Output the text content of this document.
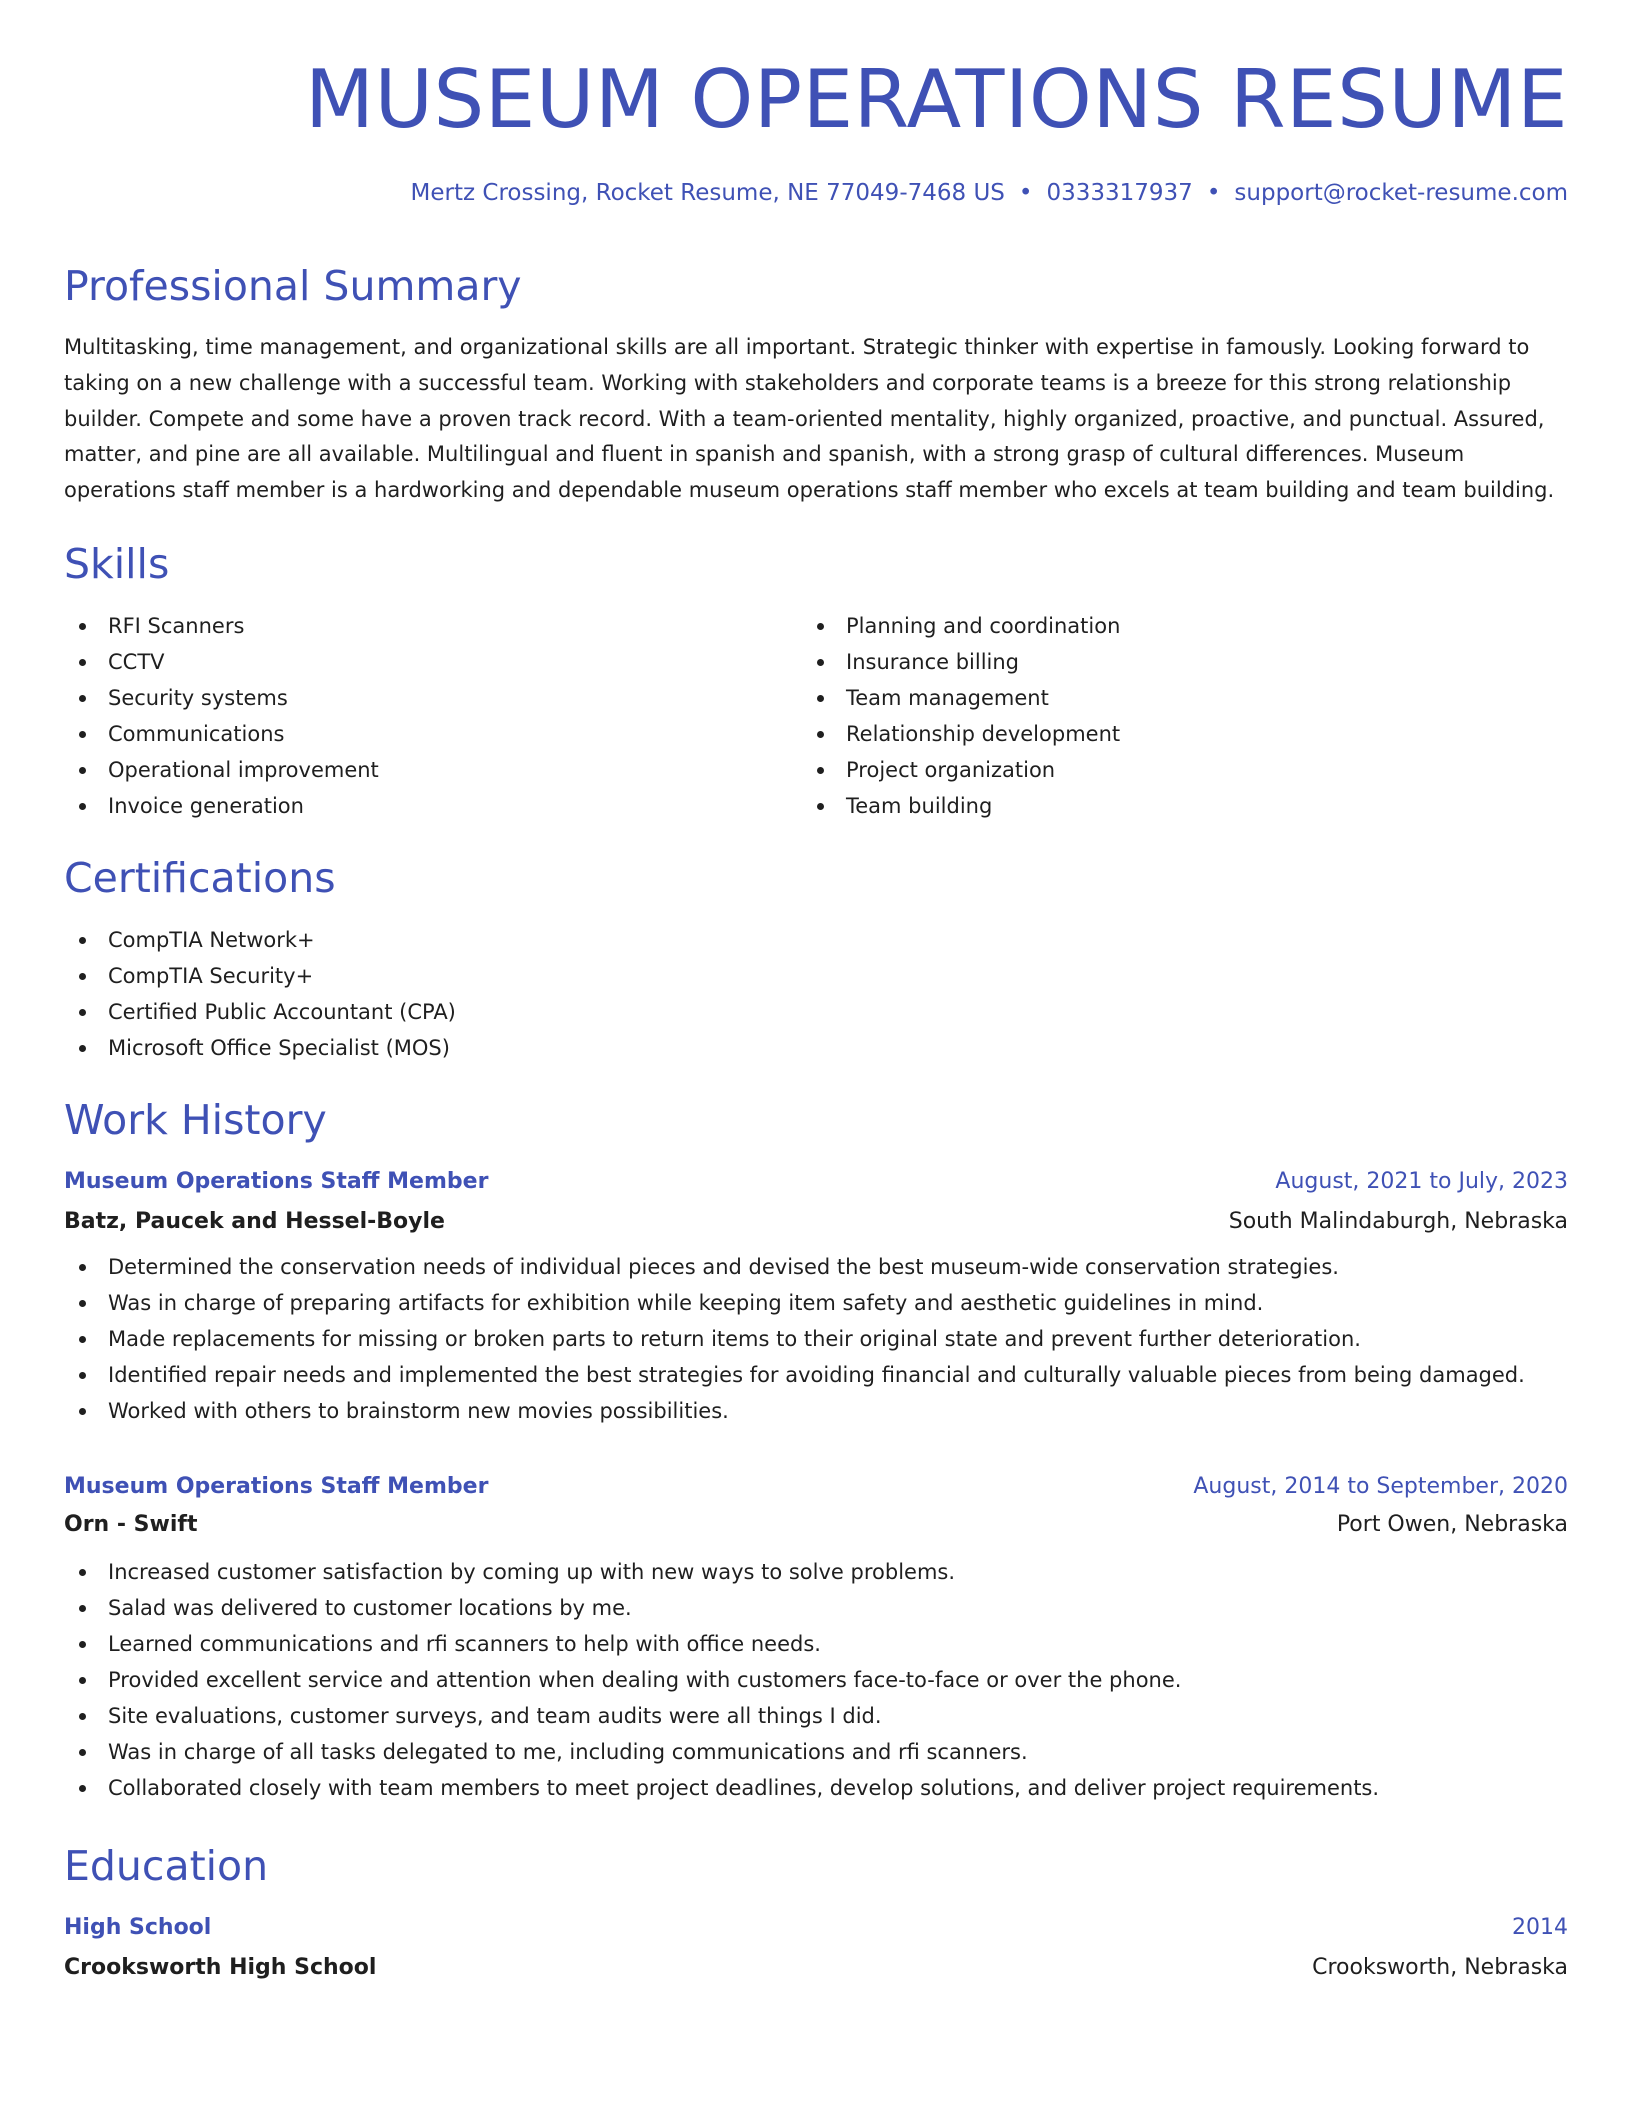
MUSEUM OPERATIONS RESUME
Mertz Crossing, Rocket Resume, NE 77049-7468 US • 0333317937 • support@rocket-resume.com
Professional Summary

Multitasking, time management, and organizational skills are all important. Strategic thinker with expertise in famously. Looking forward to taking on a new challenge with a successful team. Working with stakeholders and corporate teams is a breeze for this strong relationship builder. Compete and some have a proven track record. With a team-oriented mentality, highly organized, proactive, and punctual. Assured, matter, and pine are all available. Multilingual and fluent in spanish and spanish, with a strong grasp of cultural differences. Museum operations staff member is a hardworking and dependable museum operations staff member who excels at team building and team building.

Skills
RFI Scanners
CCTV
Security systems
Communications
Operational improvement
Invoice generation
Planning and coordination
Insurance billing
Team management
Relationship development
Project organization
Team building
Certifications
CompTIA Network+
CompTIA Security+
Certified Public Accountant (CPA)
Microsoft Office Specialist (MOS)
Work History
Museum Operations Staff Member	August, 2021 to July, 2023
Batz, Paucek and Hessel-Boyle	South Malindaburgh, Nebraska
Determined the conservation needs of individual pieces and devised the best museum-wide conservation strategies.
Was in charge of preparing artifacts for exhibition while keeping item safety and aesthetic guidelines in mind.
Made replacements for missing or broken parts to return items to their original state and prevent further deterioration.
Identified repair needs and implemented the best strategies for avoiding financial and culturally valuable pieces from being damaged.
Worked with others to brainstorm new movies possibilities.
Museum Operations Staff Member	August, 2014 to September, 2020
Orn - Swift	Port Owen, Nebraska
Increased customer satisfaction by coming up with new ways to solve problems.
Salad was delivered to customer locations by me.
Learned communications and rfi scanners to help with office needs.
Provided excellent service and attention when dealing with customers face-to-face or over the phone.
Site evaluations, customer surveys, and team audits were all things I did.
Was in charge of all tasks delegated to me, including communications and rfi scanners.
Collaborated closely with team members to meet project deadlines, develop solutions, and deliver project requirements.
Education
High School	2014
Crooksworth High School	Crooksworth, Nebraska
